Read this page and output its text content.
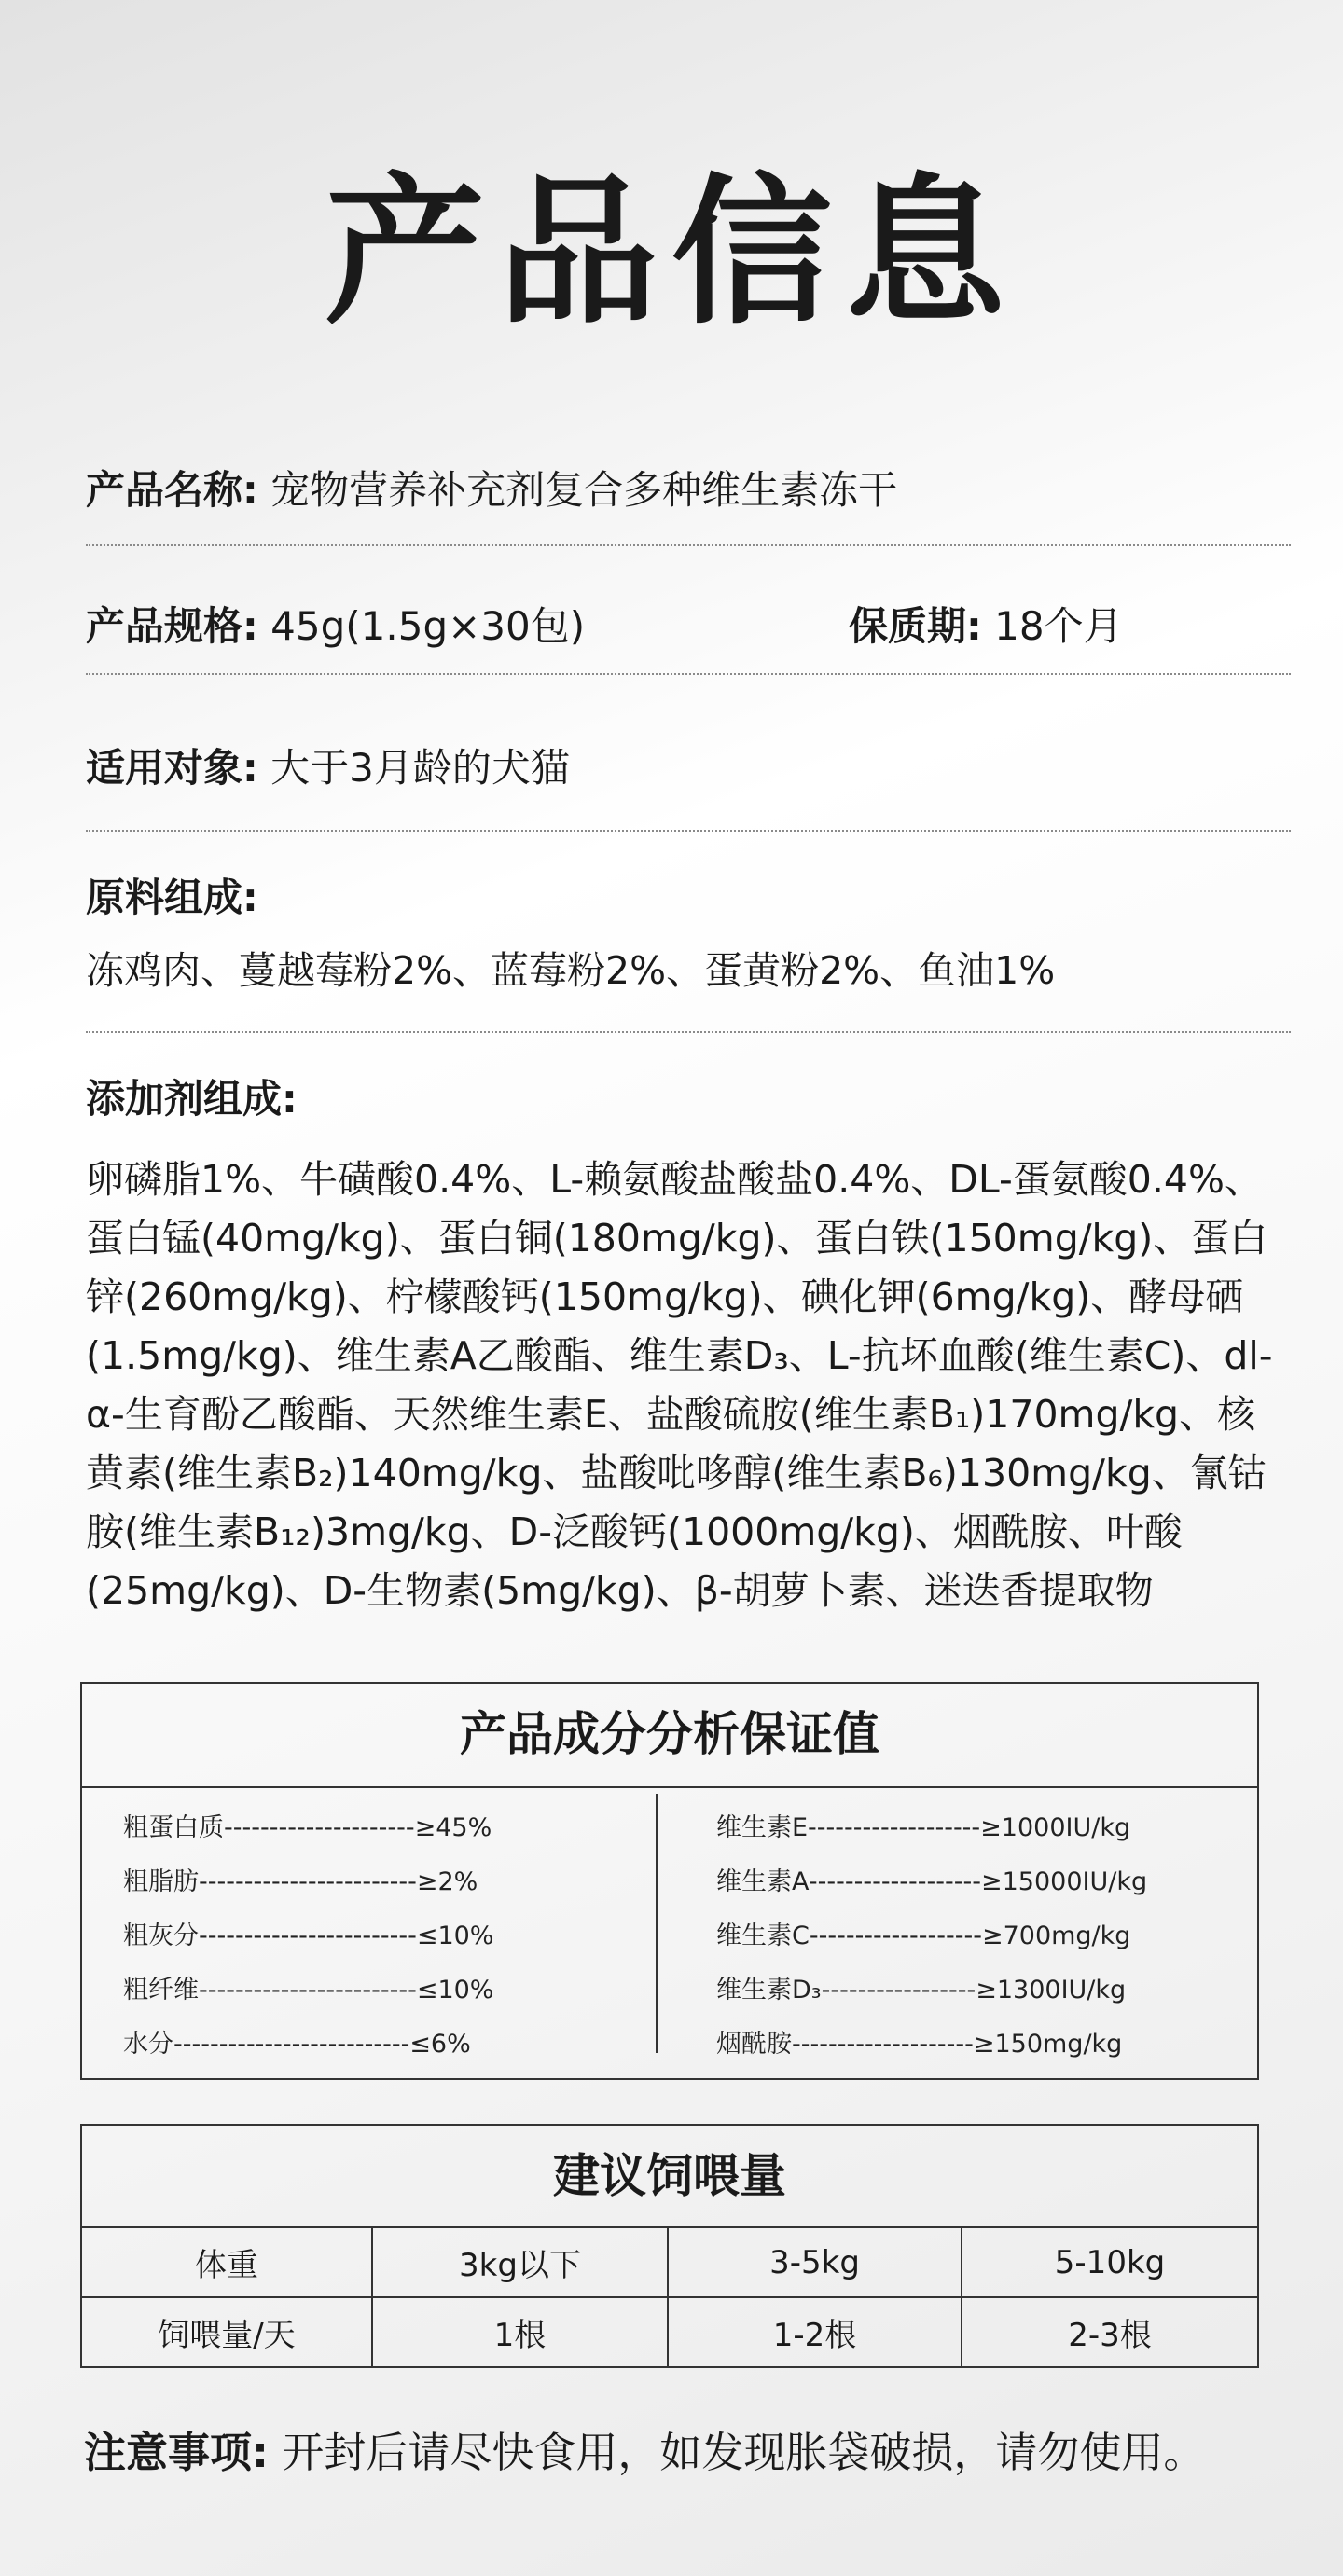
产品信息
产品名称: 宠物营养补充剂复合多种维生素冻干
产品规格: 45g(1.5g×30包)	保质期: 18个月
适用对象: 大于3月龄的犬猫
原料组成:
冻鸡肉、蔓越莓粉2%、蓝莓粉2%、蛋黄粉2%、鱼油1%
添加剂组成:
卵磷脂1%、牛磺酸0.4%、L-赖氨酸盐酸盐0.4%、DL-蛋氨酸0.4%、蛋白锰(40mg/kg)、蛋白铜(180mg/kg)、蛋白铁(150mg/kg)、蛋白锌(260mg/kg)、柠檬酸钙(150mg/kg)、碘化钾(6mg/kg)、酵母硒(1.5mg/kg)、维生素A乙酸酯、维生素D₃、L-抗坏血酸(维生素C)、dl-α-生育酚乙酸酯、天然维生素E、盐酸硫胺(维生素B₁)170mg/kg、核黄素(维生素B₂)140mg/kg、盐酸吡哆醇(维生素B₆)130mg/kg、氰钴胺(维生素B₁₂)3mg/kg、D-泛酸钙(1000mg/kg)、烟酰胺、叶酸(25mg/kg)、D-生物素(5mg/kg)、β-胡萝卜素、迷迭香提取物
产品成分分析保证值
粗蛋白质---------------------≥45%
粗脂肪------------------------≥2%
粗灰分------------------------≤10%
粗纤维------------------------≤10%
水分--------------------------≤6%
维生素E-------------------≥1000IU/kg
维生素A-------------------≥15000IU/kg
维生素C-------------------≥700mg/kg
维生素D₃-----------------≥1300IU/kg
烟酰胺--------------------≥150mg/kg
建议饲喂量
体重	3kg以下	3-5kg	5-10kg
饲喂量/天	1根	1-2根	2-3根
注意事项: 开封后请尽快食用，如发现胀袋破损，请勿使用。
